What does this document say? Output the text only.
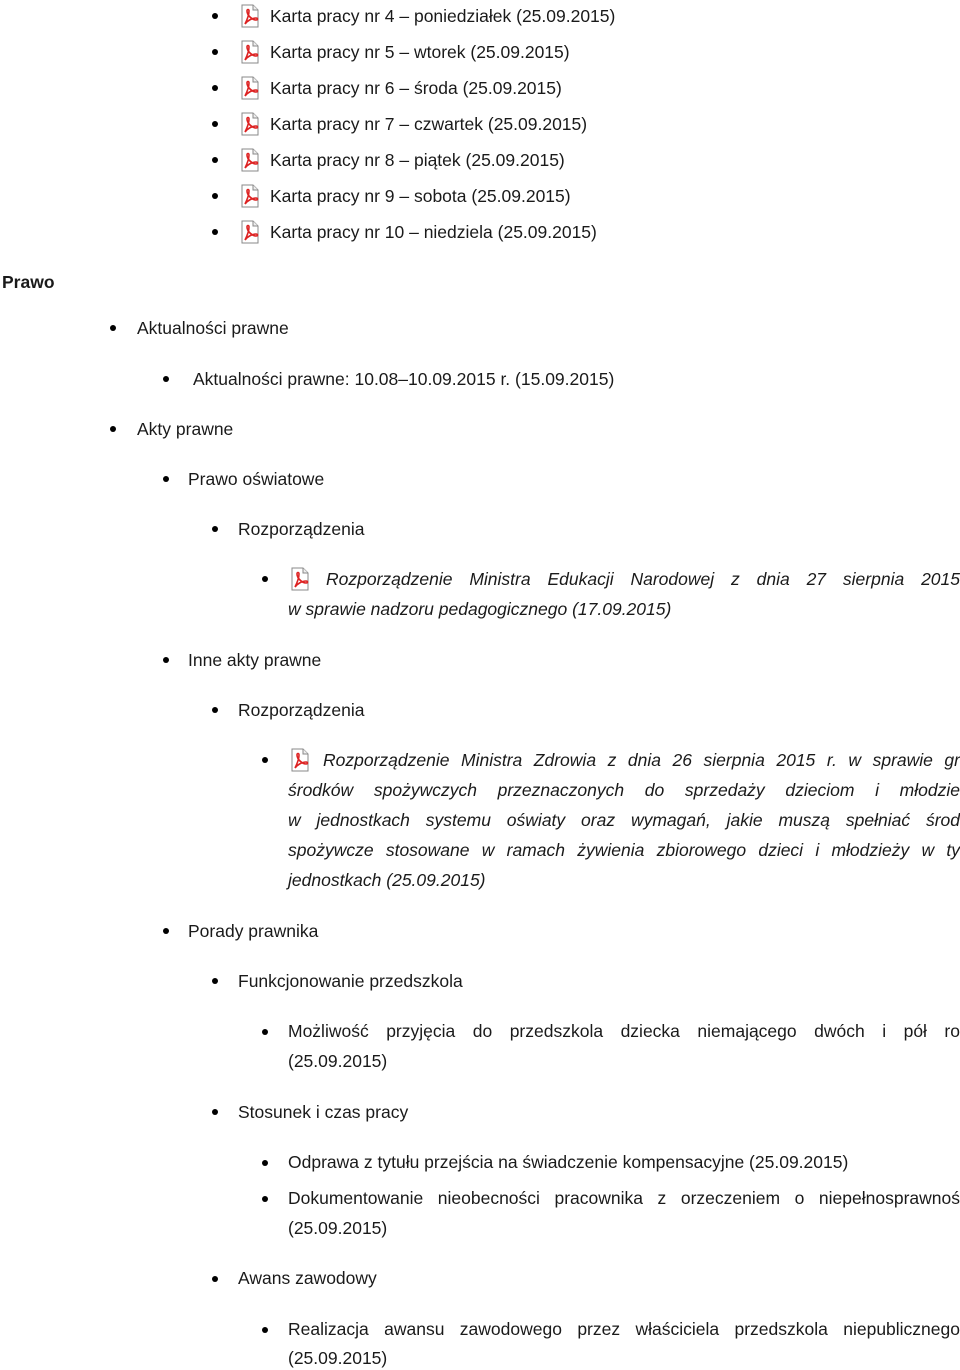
Karta pracy nr 4 – poniedziałek (25.09.2015)
Karta pracy nr 5 – wtorek (25.09.2015)
Karta pracy nr 6 – środa (25.09.2015)
Karta pracy nr 7 – czwartek (25.09.2015)
Karta pracy nr 8 – piątek (25.09.2015)
Karta pracy nr 9 – sobota (25.09.2015)
Karta pracy nr 10 – niedziela (25.09.2015)
Prawo
Aktualności prawne
Aktualności prawne: 10.08–10.09.2015 r. (15.09.2015)
Akty prawne
Prawo oświatowe
Rozporządzenia
Rozporządzenie Ministra Edukacji Narodowej z dnia 27 sierpnia 2015
w sprawie nadzoru pedagogicznego (17.09.2015)
Inne akty prawne
Rozporządzenia
Rozporządzenie Ministra Zdrowia z dnia 26 sierpnia 2015 r. w sprawie gr
środków spożywczych przeznaczonych do sprzedaży dzieciom i młodzie
w jednostkach systemu oświaty oraz wymagań, jakie muszą spełniać środ
spożywcze stosowane w ramach żywienia zbiorowego dzieci i młodzieży w ty
jednostkach (25.09.2015)
Porady prawnika
Funkcjonowanie przedszkola
Możliwość przyjęcia do przedszkola dziecka niemającego dwóch i pół ro
(25.09.2015)
Stosunek i czas pracy
Odprawa z tytułu przejścia na świadczenie kompensacyjne (25.09.2015)
Dokumentowanie nieobecności pracownika z orzeczeniem o niepełnosprawnoś
(25.09.2015)
Awans zawodowy
Realizacja awansu zawodowego przez właściciela przedszkola niepublicznego
(25.09.2015)
